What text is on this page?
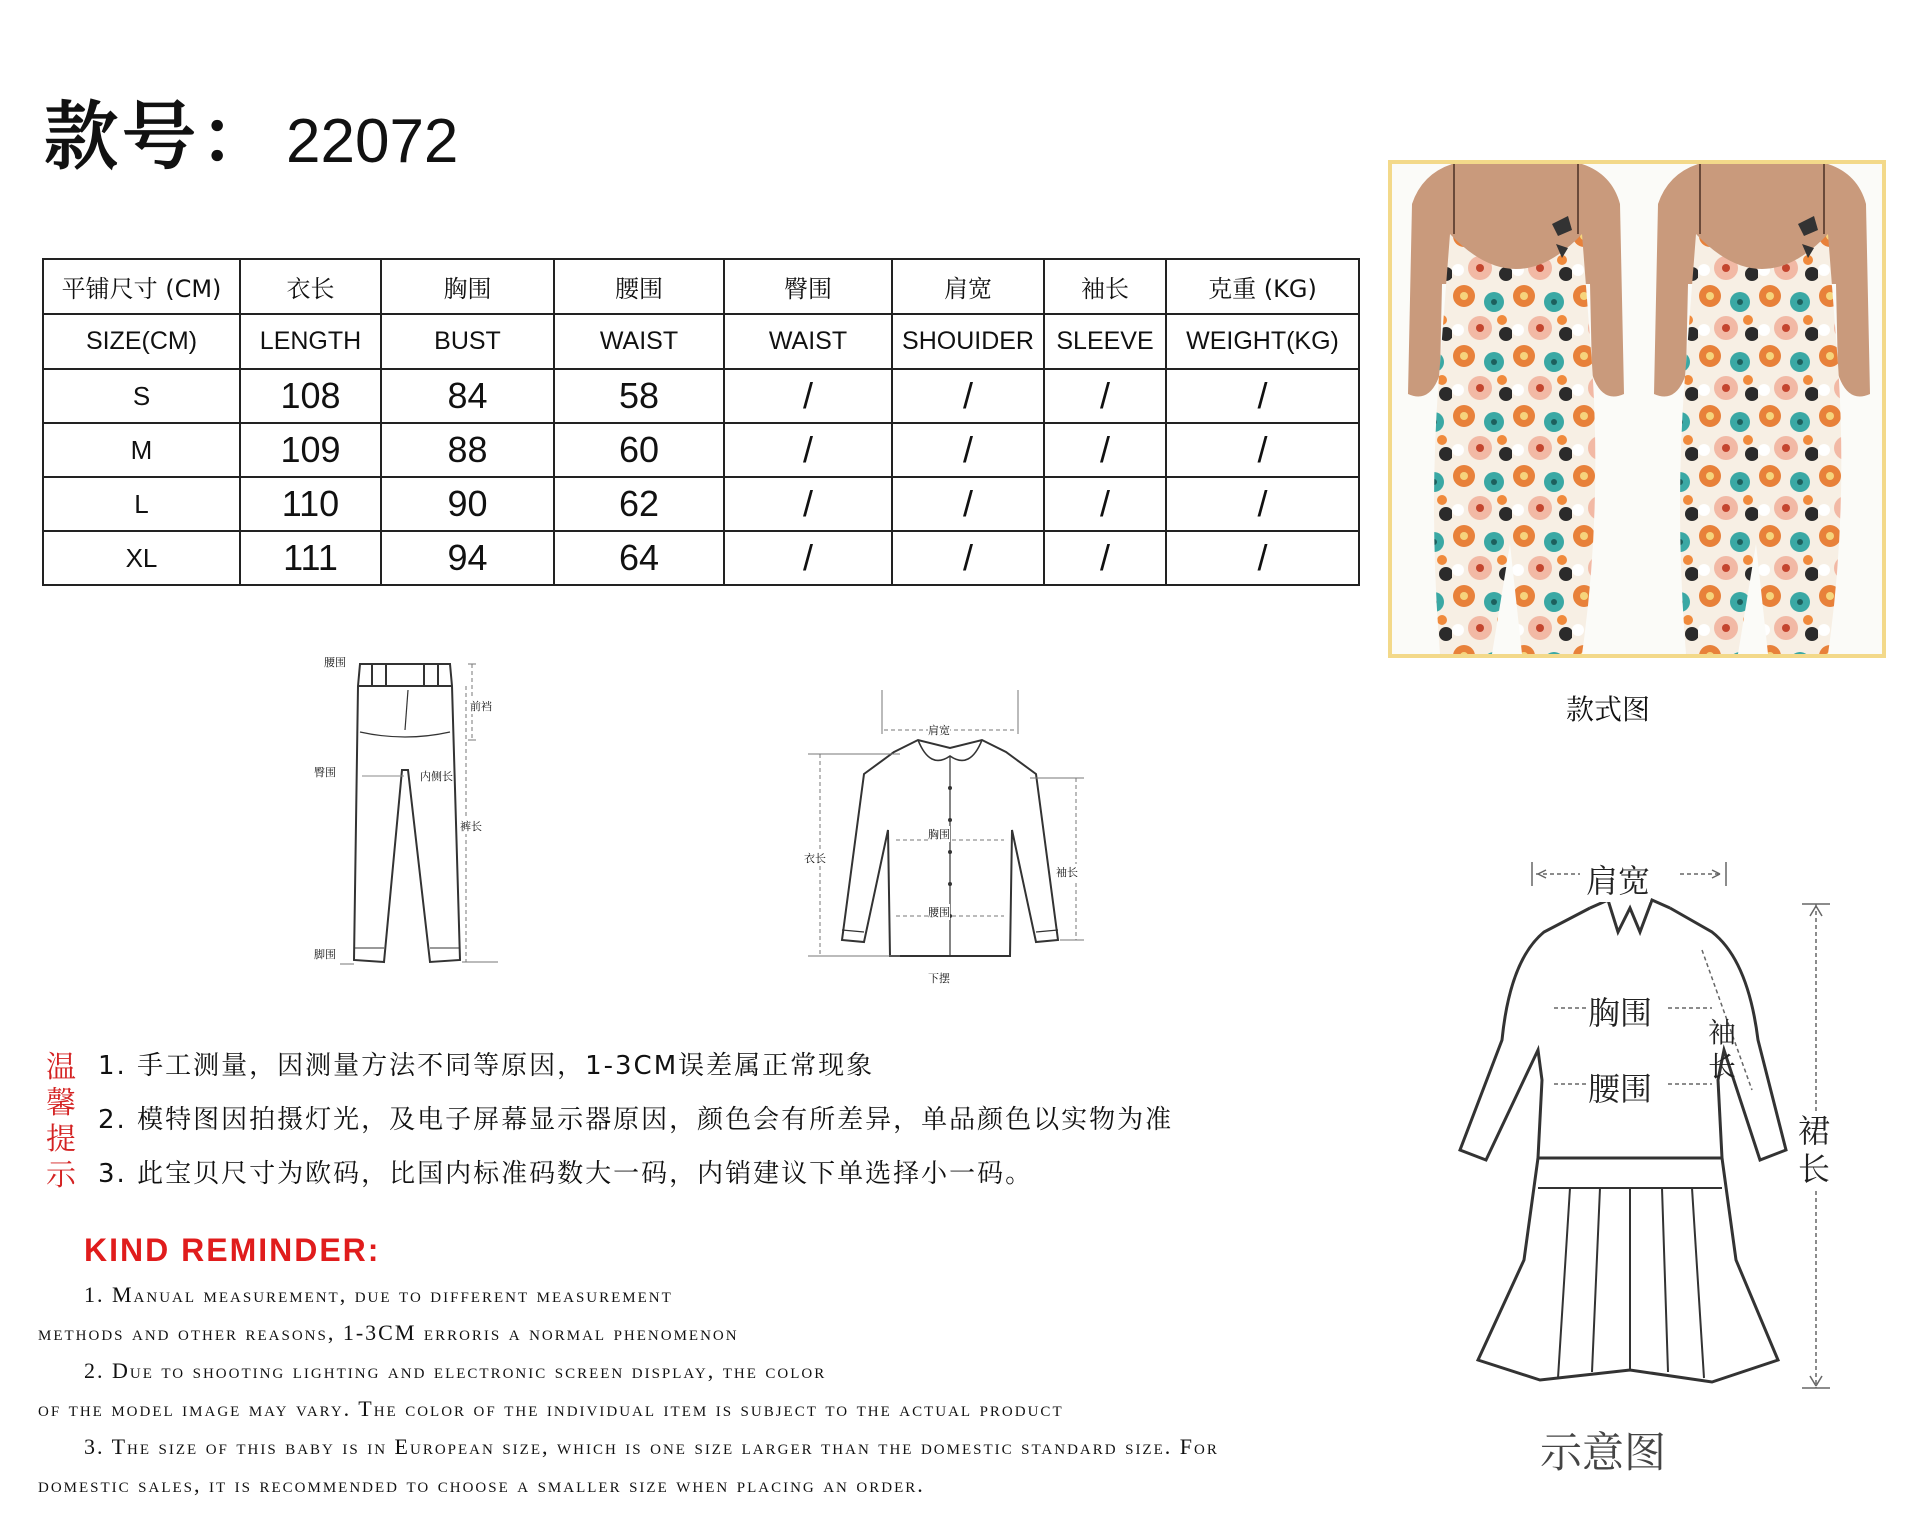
款号： 22072
平铺尺寸 (CM)	衣长	胸围	腰围	臀围	肩宽	袖长	克重 (KG)
SIZE(CM)	LENGTH	BUST	WAIST	WAIST	SHOUIDER	SLEEVE	WEIGHT(KG)
S	108	84	58	/	/	/	/
M	109	88	60	/	/	/	/
L	110	90	62	/	/	/	/
XL	111	94	64	/	/	/	/
款式图
腰围
前裆
臀围	内侧长
裤长
脚围
肩宽
衣长
胸围
袖长
腰围
下摆
温
馨
提
示
1. 手工测量，因测量方法不同等原因，1-3CM误差属正常现象
2. 模特图因拍摄灯光，及电子屏幕显示器原因，颜色会有所差异，单品颜色以实物为准
3. 此宝贝尺寸为欧码，比国内标准码数大一码，内销建议下单选择小一码。
KIND REMINDER:
1. Manual measurement, due to different measurement
methods and other reasons, 1-3CM erroris a normal phenomenon
2. Due to shooting lighting and electronic screen display, the color
of the model image may vary. The color of the individual item is subject to the actual product
3. The size of this baby is in European size, which is one size larger than the domestic standard size. For
domestic sales, it is recommended to choose a smaller size when placing an order.
肩宽
胸围
腰围
袖长
裙长
示意图
